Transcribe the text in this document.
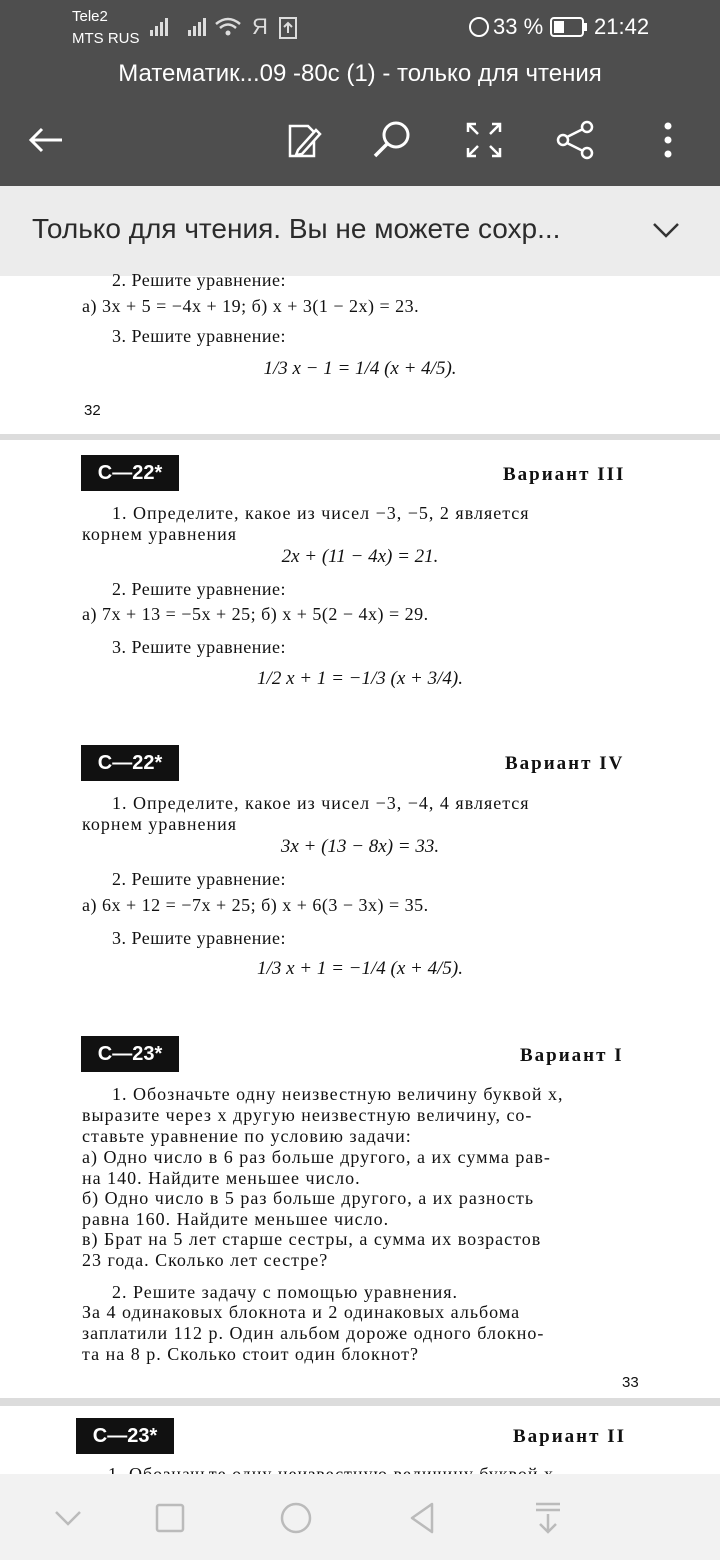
Tele2
MTS RUS	Я	33 % 21:42
Математик...09 -80с (1) - только для чтения
Только для чтения. Вы не можете сохр...
2. Решите уравнение:
а) 3x + 5 = −4x + 19; б) x + 3(1 − 2x) = 23.
3. Решите уравнение:
1/3 x − 1 = 1/4 (x + 4/5).
32
С—22*	Вариант III
1. Определите, какое из чисел −3, −5, 2 является
корнем уравнения
2x + (11 − 4x) = 21.
2. Решите уравнение:
а) 7x + 13 = −5x + 25; б) x + 5(2 − 4x) = 29.
3. Решите уравнение:
1/2 x + 1 = −1/3 (x + 3/4).
С—22*	Вариант IV
1. Определите, какое из чисел −3, −4, 4 является
корнем уравнения
3x + (13 − 8x) = 33.
2. Решите уравнение:
а) 6x + 12 = −7x + 25; б) x + 6(3 − 3x) = 35.
3. Решите уравнение:
1/3 x + 1 = −1/4 (x + 4/5).
С—23*	Вариант I
1. Обозначьте одну неизвестную величину буквой x,
выразите через x другую неизвестную величину, со-
ставьте уравнение по условию задачи:
а) Одно число в 6 раз больше другого, а их сумма рав-
на 140. Найдите меньшее число.
б) Одно число в 5 раз больше другого, а их разность
равна 160. Найдите меньшее число.
в) Брат на 5 лет старше сестры, а сумма их возрастов
23 года. Сколько лет сестре?
2. Решите задачу с помощью уравнения.
За 4 одинаковых блокнота и 2 одинаковых альбома
заплатили 112 р. Один альбом дороже одного блокно-
та на 8 р. Сколько стоит один блокнот?
33
С—23*	Вариант II
